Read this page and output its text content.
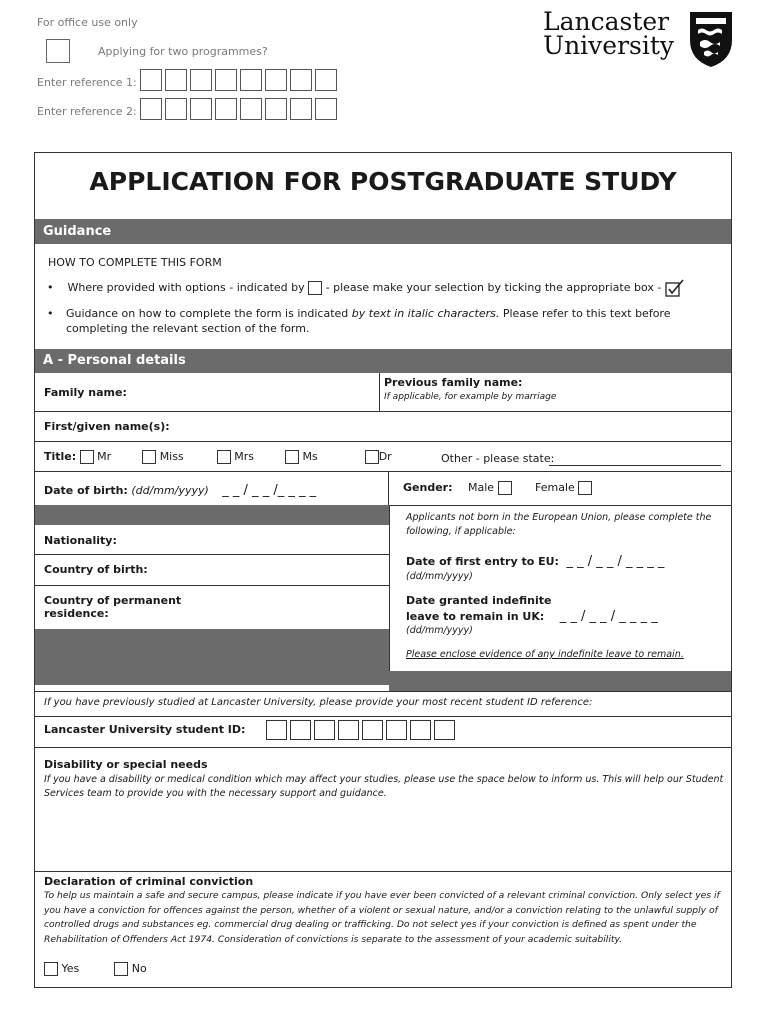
For office use only
Applying for two programmes?
Enter reference 1:
Enter reference 2:
Lancaster
University
APPLICATION FOR POSTGRADUATE STUDY
Guidance
HOW TO COMPLETE THIS FORM
•    Where provided with options - indicated by - please make your selection by ticking the appropriate box -
•	Guidance on how to complete the form is indicated by text in italic characters. Please refer to this text before completing the relevant section of the form.
A - Personal details
Family name:
Previous family name:
If applicable, for example by marriage
First/given name(s):
Title: Mr	Miss	Mrs	Ms	Dr	Other - please state:
Date of birth: (dd/mm/yyyy) _ _ / _ _ /_ _ _ _	Gender: Male	Female
Applicants not born in the European Union, please complete the following, if applicable:
Nationality:
Country of birth:
Date of first entry to EU: _ _ / _ _ / _ _ _ _
(dd/mm/yyyy)
Country of permanent
residence:
Date granted indefinite
leave to remain in UK: _ _ / _ _ / _ _ _ _
(dd/mm/yyyy)
Please enclose evidence of any indefinite leave to remain.
If you have previously studied at Lancaster University, please provide your most recent student ID reference:
Lancaster University student ID:
Disability or special needs
If you have a disability or medical condition which may affect your studies, please use the space below to inform us. This will help our Student Services team to provide you with the necessary support and guidance.
Declaration of criminal conviction
To help us maintain a safe and secure campus, please indicate if you have ever been convicted of a relevant criminal conviction. Only select yes if you have a conviction for offences against the person, whether of a violent or sexual nature, and/or a conviction relating to the unlawful supply of controlled drugs and substances eg. commercial drug dealing or trafficking. Do not select yes if your conviction is defined as spent under the Rehabilitation of Offenders Act 1974. Consideration of convictions is separate to the assessment of your academic suitability.
Yes	No
